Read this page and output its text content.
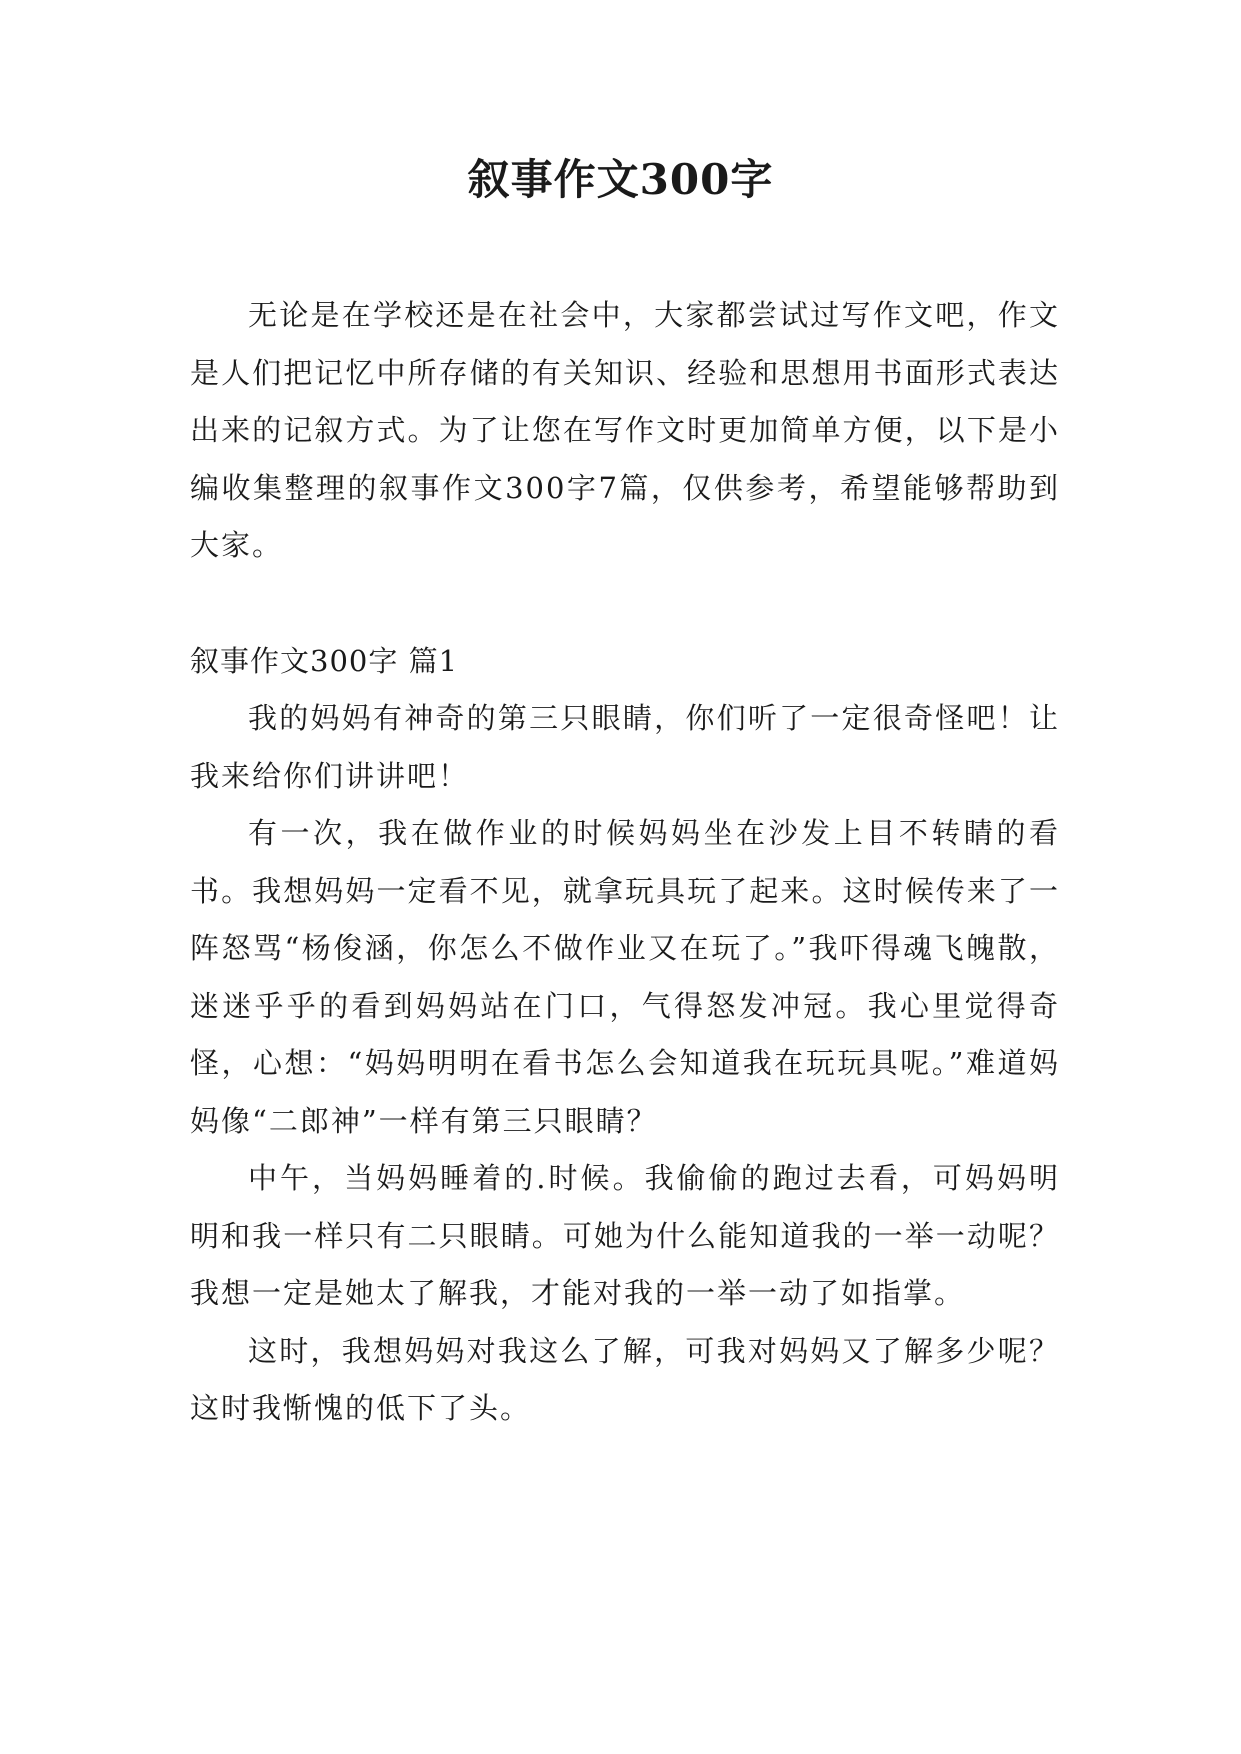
叙事作文300字

无论是在学校还是在社会中，大家都尝试过写作文吧，作文是人们把记忆中所存储的有关知识、经验和思想用书面形式表达出来的记叙方式。为了让您在写作文时更加简单方便，以下是小编收集整理的叙事作文300字7篇，仅供参考，希望能够帮助到大家。

叙事作文300字 篇1

我的妈妈有神奇的第三只眼睛，你们听了一定很奇怪吧！让我来给你们讲讲吧！

有一次，我在做作业的时候妈妈坐在沙发上目不转睛的看书。我想妈妈一定看不见，就拿玩具玩了起来。这时候传来了一阵怒骂“杨俊涵，你怎么不做作业又在玩了。”我吓得魂飞魄散，迷迷乎乎的看到妈妈站在门口，气得怒发冲冠。我心里觉得奇怪，心想：“妈妈明明在看书怎么会知道我在玩玩具呢。”难道妈妈像“二郎神”一样有第三只眼睛？

中午，当妈妈睡着的.时候。我偷偷的跑过去看，可妈妈明明和我一样只有二只眼睛。可她为什么能知道我的一举一动呢？我想一定是她太了解我，才能对我的一举一动了如指掌。

这时，我想妈妈对我这么了解，可我对妈妈又了解多少呢？这时我惭愧的低下了头。
